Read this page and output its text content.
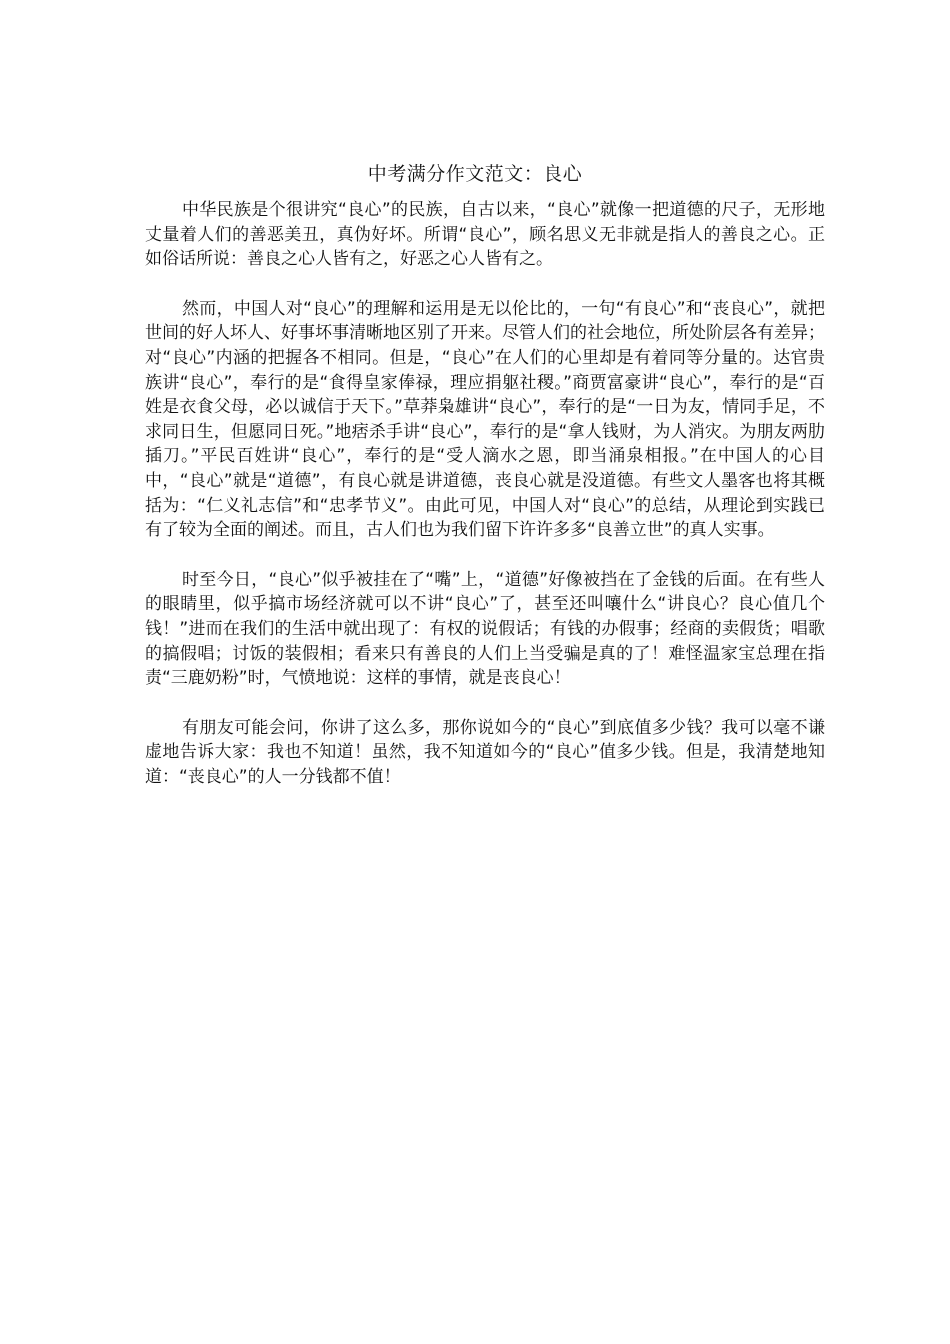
中考满分作文范文：良心

中华民族是个很讲究“良心”的民族，自古以来，“良心”就像一把道德的尺子，无形地丈量着人们的善恶美丑，真伪好坏。所谓“良心”，顾名思义无非就是指人的善良之心。正如俗话所说：善良之心人皆有之，好恶之心人皆有之。

然而，中国人对“良心”的理解和运用是无以伦比的，一句“有良心”和“丧良心”，就把世间的好人坏人、好事坏事清晰地区别了开来。尽管人们的社会地位，所处阶层各有差异；对“良心”内涵的把握各不相同。但是，“良心”在人们的心里却是有着同等分量的。达官贵族讲“良心”，奉行的是“食得皇家俸禄，理应捐躯社稷。”商贾富豪讲“良心”，奉行的是“百姓是衣食父母，必以诚信于天下。”草莽枭雄讲“良心”，奉行的是“一日为友，情同手足，不求同日生，但愿同日死。”地痞杀手讲“良心”，奉行的是“拿人钱财，为人消灾。为朋友两肋插刀。”平民百姓讲“良心”，奉行的是“受人滴水之恩，即当涌泉相报。”在中国人的心目中，“良心”就是“道德”，有良心就是讲道德，丧良心就是没道德。有些文人墨客也将其概括为：“仁义礼志信”和“忠孝节义”。由此可见，中国人对“良心”的总结，从理论到实践已有了较为全面的阐述。而且，古人们也为我们留下许许多多“良善立世”的真人实事。

时至今日，“良心”似乎被挂在了“嘴”上，“道德”好像被挡在了金钱的后面。在有些人的眼睛里，似乎搞市场经济就可以不讲“良心”了，甚至还叫嚷什么“讲良心？良心值几个钱！”进而在我们的生活中就出现了：有权的说假话；有钱的办假事；经商的卖假货；唱歌的搞假唱；讨饭的装假相；看来只有善良的人们上当受骗是真的了！难怪温家宝总理在指责“三鹿奶粉”时，气愤地说：这样的事情，就是丧良心！

有朋友可能会问，你讲了这么多，那你说如今的“良心”到底值多少钱？我可以毫不谦虚地告诉大家：我也不知道！虽然，我不知道如今的“良心”值多少钱。但是，我清楚地知道：“丧良心”的人一分钱都不值！
